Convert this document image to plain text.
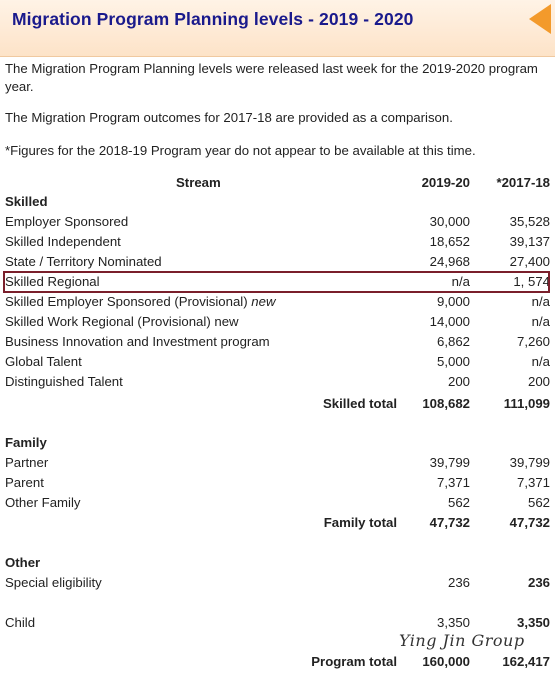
Migration Program Planning levels - 2019 - 2020
The Migration Program Planning levels were released last week for the 2019-2020 program year.
The Migration Program outcomes for 2017-18 are provided as a comparison.
*Figures for the 2018-19 Program year do not appear to be available at this time.
Stream	2019-20 *2017-18
Skilled
Employer Sponsored	30,000	35,528
Skilled Independent	18,652	39,137
State / Territory Nominated	24,968	27,400
Skilled Regional	n/a	1, 574
Skilled Employer Sponsored (Provisional) new	9,000	n/a
Skilled Work Regional (Provisional) new	14,000	n/a
Business Innovation and Investment program	6,862	7,260
Global Talent	5,000	n/a
Distinguished Talent	200	200
Skilled total 108,682	111,099
Family
Partner	39,799	39,799
Parent	7,371	7,371
Other Family	562	562
Family total 47,732	47,732
Other
Special eligibility	236	236
Child	3,350	3,350
Program total 160,000 162,417
Ying Jin Group
